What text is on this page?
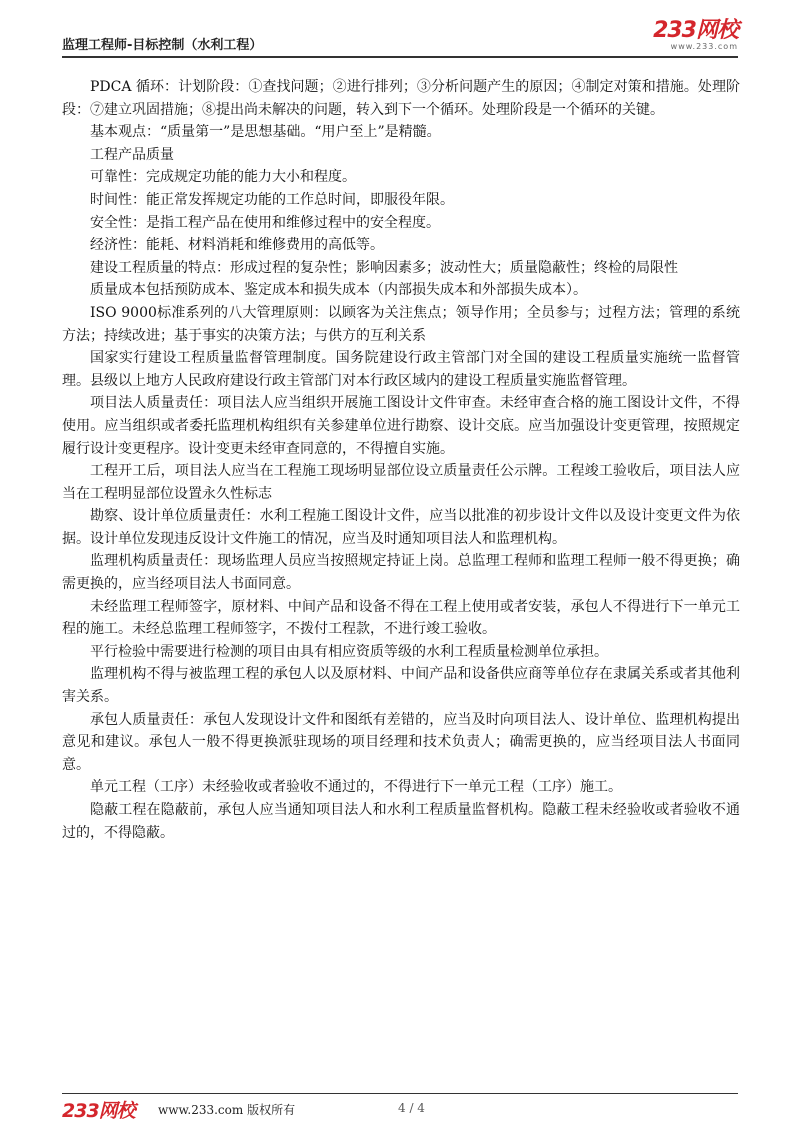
监理工程师-目标控制（水利工程）
233网校
www.233.com

PDCA 循环：计划阶段：①查找问题；②进行排列；③分析问题产生的原因；④制定对策和措施。处理阶段：⑦建立巩固措施；⑧提出尚未解决的问题，转入到下一个循环。处理阶段是一个循环的关键。

基本观点：“质量第一”是思想基础。“用户至上”是精髓。

工程产品质量

可靠性：完成规定功能的能力大小和程度。

时间性：能正常发挥规定功能的工作总时间，即服役年限。

安全性：是指工程产品在使用和维修过程中的安全程度。

经济性：能耗、材料消耗和维修费用的高低等。

建设工程质量的特点：形成过程的复杂性；影响因素多；波动性大；质量隐蔽性；终检的局限性

质量成本包括预防成本、鉴定成本和损失成本（内部损失成本和外部损失成本）。

ISO 9000标准系列的八大管理原则：以顾客为关注焦点；领导作用；全员参与；过程方法；管理的系统方法；持续改进；基于事实的决策方法；与供方的互利关系

国家实行建设工程质量监督管理制度。国务院建设行政主管部门对全国的建设工程质量实施统一监督管理。县级以上地方人民政府建设行政主管部门对本行政区域内的建设工程质量实施监督管理。

项目法人质量责任：项目法人应当组织开展施工图设计文件审查。未经审查合格的施工图设计文件，不得使用。应当组织或者委托监理机构组织有关参建单位进行勘察、设计交底。应当加强设计变更管理，按照规定履行设计变更程序。设计变更未经审查同意的，不得擅自实施。

工程开工后，项目法人应当在工程施工现场明显部位设立质量责任公示牌。工程竣工验收后，项目法人应当在工程明显部位设置永久性标志

勘察、设计单位质量责任：水利工程施工图设计文件，应当以批准的初步设计文件以及设计变更文件为依据。设计单位发现违反设计文件施工的情况，应当及时通知项目法人和监理机构。

监理机构质量责任：现场监理人员应当按照规定持证上岗。总监理工程师和监理工程师一般不得更换；确需更换的，应当经项目法人书面同意。

未经监理工程师签字，原材料、中间产品和设备不得在工程上使用或者安装，承包人不得进行下一单元工程的施工。未经总监理工程师签字，不拨付工程款，不进行竣工验收。

平行检验中需要进行检测的项目由具有相应资质等级的水利工程质量检测单位承担。

监理机构不得与被监理工程的承包人以及原材料、中间产品和设备供应商等单位存在隶属关系或者其他利害关系。

承包人质量责任：承包人发现设计文件和图纸有差错的，应当及时向项目法人、设计单位、监理机构提出意见和建议。承包人一般不得更换派驻现场的项目经理和技术负责人；确需更换的，应当经项目法人书面同意。

单元工程（工序）未经验收或者验收不通过的，不得进行下一单元工程（工序）施工。

隐蔽工程在隐蔽前，承包人应当通知项目法人和水利工程质量监督机构。隐蔽工程未经验收或者验收不通过的，不得隐蔽。

233网校 www.233.com 版权所有	4 / 4
